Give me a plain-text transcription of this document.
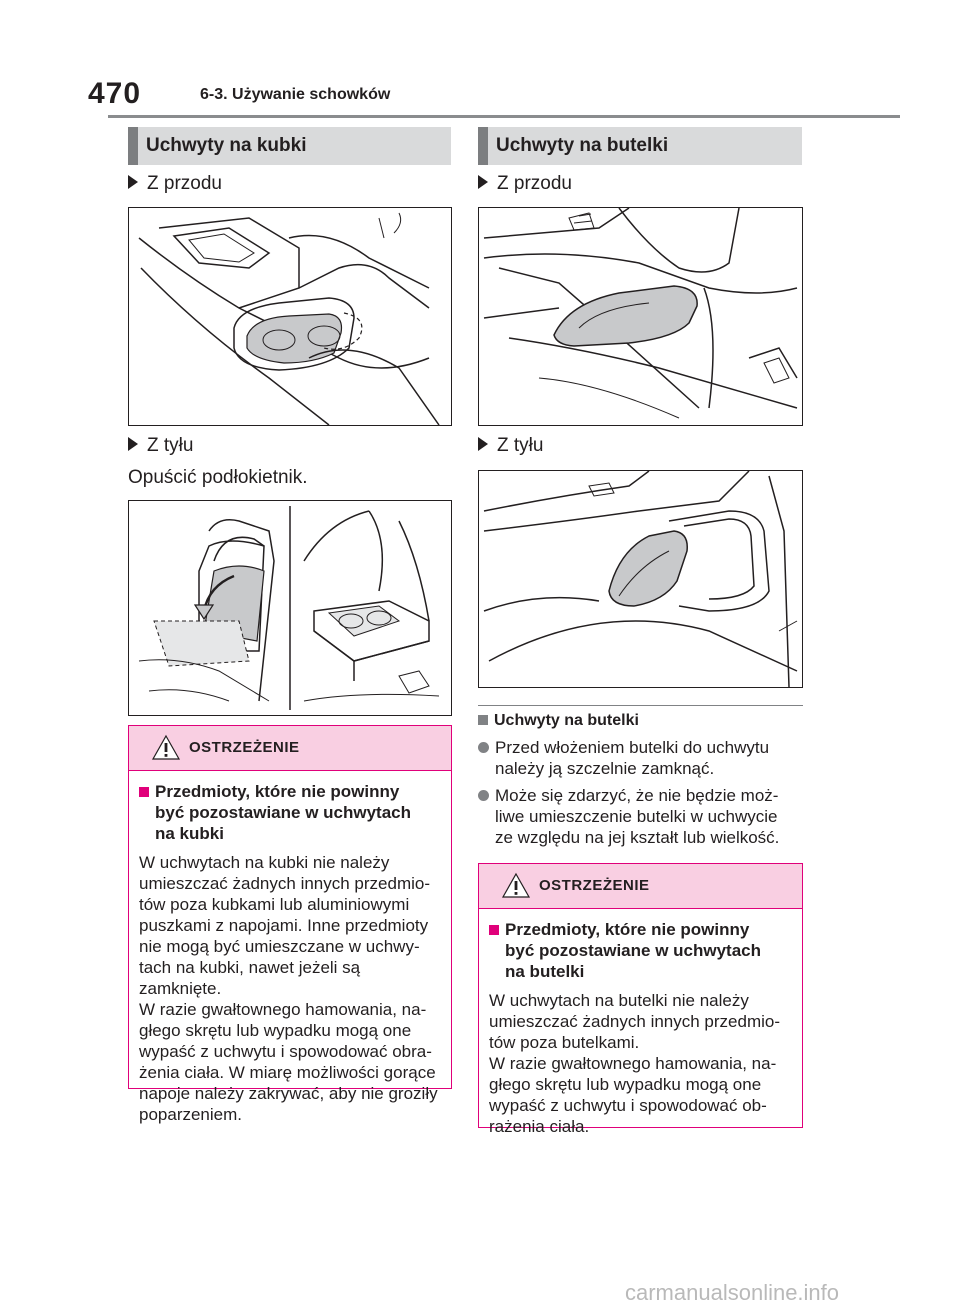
470	6-3. Używanie schowków
Uchwyty na kubki
Z przodu
Z tyłu
Opuścić podłokietnik.
OSTRZEŻENIE
Przedmioty, które nie powinny
być pozostawiane w uchwytach
na kubki
W uchwytach na kubki nie należy
umieszczać żadnych innych przedmio-
tów poza kubkami lub aluminiowymi
puszkami z napojami. Inne przedmioty
nie mogą być umieszczane w uchwy-
tach na kubki, nawet jeżeli są zamknięte.
W razie gwałtownego hamowania, na-
głego skrętu lub wypadku mogą one
wypaść z uchwytu i spowodować obra-
żenia ciała. W miarę możliwości gorące
napoje należy zakrywać, aby nie groziły
poparzeniem.
Uchwyty na butelki
Z przodu
Z tyłu
Uchwyty na butelki
Przed włożeniem butelki do uchwytu
należy ją szczelnie zamknąć.
Może się zdarzyć, że nie będzie moż-
liwe umieszczenie butelki w uchwycie
ze względu na jej kształt lub wielkość.
OSTRZEŻENIE
Przedmioty, które nie powinny
być pozostawiane w uchwytach
na butelki
W uchwytach na butelki nie należy
umieszczać żadnych innych przedmio-
tów poza butelkami.
W razie gwałtownego hamowania, na-
głego skrętu lub wypadku mogą one
wypaść z uchwytu i spowodować ob-
rażenia ciała.
carmanualsonline.info
